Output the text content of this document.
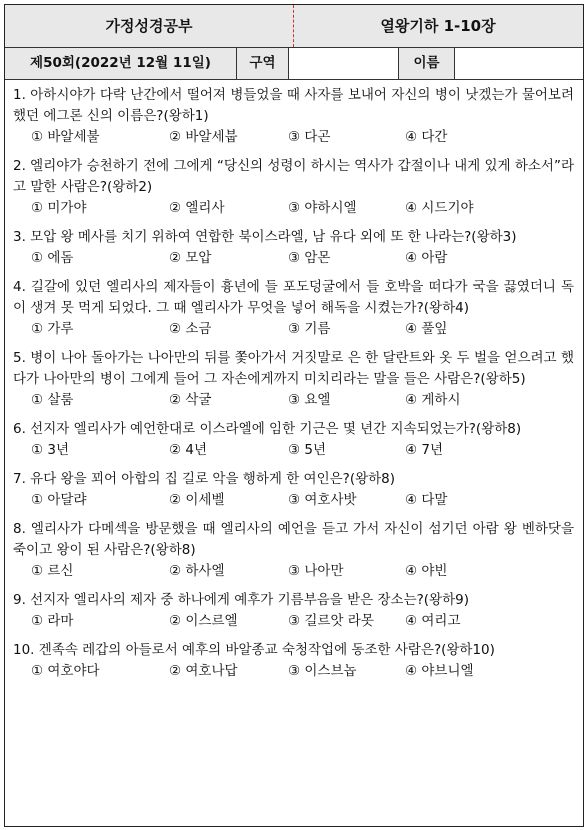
가정성경공부	열왕기하 1-10장
제50회(2022년 12월 11일)	구역	이름
1. 아하시야가 다락 난간에서 떨어져 병들었을 때 사자를 보내어 자신의 병이 낫겠는가 물어보려 했던 에그론 신의 이름은?(왕하1)
① 바알세불	② 바알세붑	③ 다곤	④ 다간
2. 엘리야가 승천하기 전에 그에게 “당신의 성령이 하시는 역사가 갑절이나 내게 있게 하소서”라고 말한 사람은?(왕하2)
① 미가야	② 엘리사	③ 야하시엘	④ 시드기야
3. 모압 왕 메사를 치기 위하여 연합한 북이스라엘, 남 유다 외에 또 한 나라는?(왕하3)
① 에돔	② 모압	③ 암몬	④ 아람
4. 길갈에 있던 엘리사의 제자들이 흉년에 들 포도덩굴에서 들 호박을 떠다가 국을 끓였더니 독이 생겨 못 먹게 되었다. 그 때 엘리사가 무엇을 넣어 해독을 시켰는가?(왕하4)
① 가루	② 소금	③ 기름	④ 풀잎
5. 병이 나아 돌아가는 나아만의 뒤를 쫓아가서 거짓말로 은 한 달란트와 옷 두 벌을 얻으려고 했다가 나아만의 병이 그에게 들어 그 자손에게까지 미치리라는 말을 들은 사람은?(왕하5)
① 살룸	② 삭굴	③ 요엘	④ 게하시
6. 선지자 엘리사가 예언한대로 이스라엘에 임한 기근은 몇 년간 지속되었는가?(왕하8)
① 3년	② 4년	③ 5년	④ 7년
7. 유다 왕을 꾀어 아합의 집 길로 악을 행하게 한 여인은?(왕하8)
① 아달랴	② 이세벨	③ 여호사밧	④ 다말
8. 엘리사가 다메섹을 방문했을 때 엘리사의 예언을 듣고 가서 자신이 섬기던 아람 왕 벤하닷을 죽이고 왕이 된 사람은?(왕하8)
① 르신	② 하사엘	③ 나아만	④ 야빈
9. 선지자 엘리사의 제자 중 하나에게 예후가 기름부음을 받은 장소는?(왕하9)
① 라마	② 이스르엘	③ 길르앗 라못	④ 여리고
10. 겐족속 레갑의 아들로서 예후의 바알종교 숙청작업에 동조한 사람은?(왕하10)
① 여호야다	② 여호나답	③ 이스브놉	④ 야브니엘
